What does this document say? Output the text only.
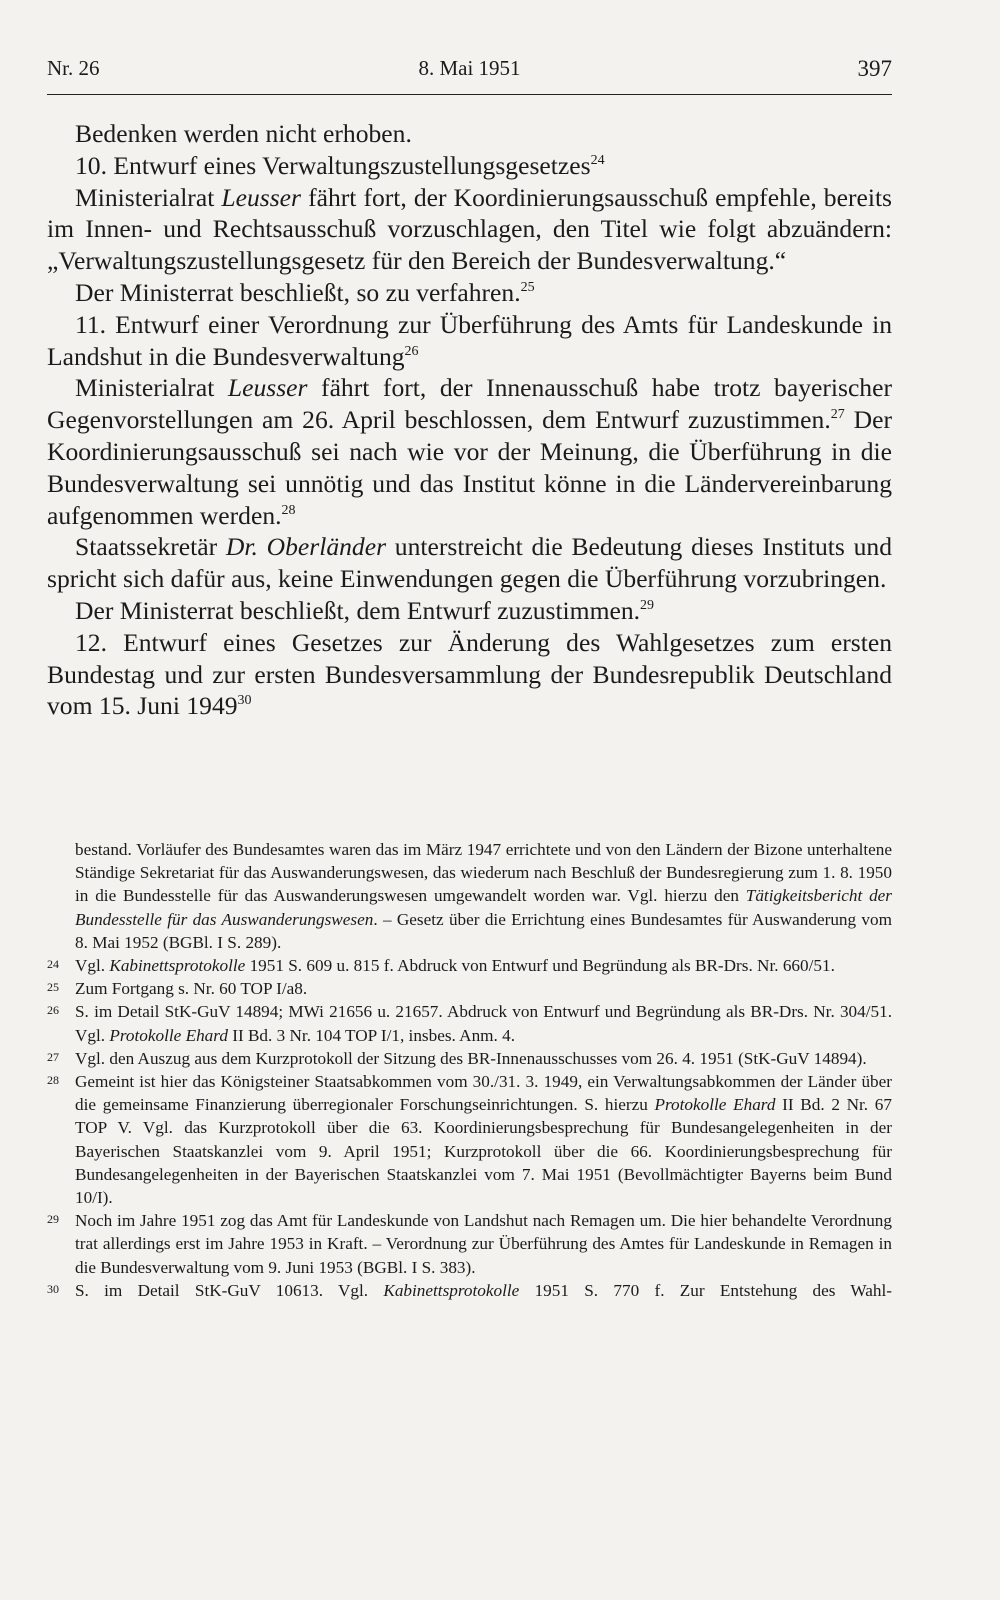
Nr. 26	8. Mai 1951	397

Bedenken werden nicht erhoben.

10. Entwurf eines Verwaltungszustellungsgesetzes$^{24}$

Ministerialrat Leusser fährt fort, der Koordinierungsausschuß empfehle, bereits im Innen- und Rechtsausschuß vorzuschlagen, den Titel wie folgt abzuändern: „Verwaltungszustellungsgesetz für den Bereich der Bundesverwaltung.“

Der Ministerrat beschließt, so zu verfahren.$^{25}$

11. Entwurf einer Verordnung zur Überführung des Amts für Landeskunde in Landshut in die Bundesverwaltung$^{26}$

Ministerialrat Leusser fährt fort, der Innenausschuß habe trotz bayerischer Gegenvorstellungen am 26. April beschlossen, dem Entwurf zuzustimmen.$^{27}$ Der Koordinierungsausschuß sei nach wie vor der Meinung, die Überführung in die Bundesverwaltung sei unnötig und das Institut könne in die Ländervereinbarung aufgenommen werden.$^{28}$

Staatssekretär Dr. Oberländer unterstreicht die Bedeutung dieses Instituts und spricht sich dafür aus, keine Einwendungen gegen die Überführung vorzubringen.

Der Ministerrat beschließt, dem Entwurf zuzustimmen.$^{29}$

12. Entwurf eines Gesetzes zur Änderung des Wahlgesetzes zum ersten Bundestag und zur ersten Bundesversammlung der Bundesrepublik Deutschland vom 15. Juni 1949$^{30}$

bestand. Vorläufer des Bundesamtes waren das im März 1947 errichtete und von den Ländern der Bizone unterhaltene Ständige Sekretariat für das Auswanderungswesen, das wiederum nach Beschluß der Bundesregierung zum 1. 8. 1950 in die Bundesstelle für das Auswanderungswesen umgewandelt worden war. Vgl. hierzu den Tätigkeitsbericht der Bundesstelle für das Auswanderungswesen. – Gesetz über die Errichtung eines Bundesamtes für Auswanderung vom 8. Mai 1952 (BGBl. I S. 289).

24 Vgl. Kabinettsprotokolle 1951 S. 609 u. 815 f. Abdruck von Entwurf und Begründung als BR-Drs. Nr. 660/51.
25 Zum Fortgang s. Nr. 60 TOP I/a8.
26 S. im Detail StK-GuV 14894; MWi 21656 u. 21657. Abdruck von Entwurf und Begründung als BR-Drs. Nr. 304/51. Vgl. Protokolle Ehard II Bd. 3 Nr. 104 TOP I/1, insbes. Anm. 4.
27 Vgl. den Auszug aus dem Kurzprotokoll der Sitzung des BR-Innenausschusses vom 26. 4. 1951 (StK-GuV 14894).
28 Gemeint ist hier das Königsteiner Staatsabkommen vom 30./31. 3. 1949, ein Verwaltungsabkommen der Länder über die gemeinsame Finanzierung überregionaler Forschungseinrichtungen. S. hierzu Protokolle Ehard II Bd. 2 Nr. 67 TOP V. Vgl. das Kurzprotokoll über die 63. Koordinierungsbesprechung für Bundesangelegenheiten in der Bayerischen Staatskanzlei vom 9. April 1951; Kurzprotokoll über die 66. Koordinierungsbesprechung für Bundesangelegenheiten in der Bayerischen Staatskanzlei vom 7. Mai 1951 (Bevollmächtigter Bayerns beim Bund 10/I).
29 Noch im Jahre 1951 zog das Amt für Landeskunde von Landshut nach Remagen um. Die hier behandelte Verordnung trat allerdings erst im Jahre 1953 in Kraft. – Verordnung zur Überführung des Amtes für Landeskunde in Remagen in die Bundesverwaltung vom 9. Juni 1953 (BGBl. I S. 383).
30 S. im Detail StK-GuV 10613. Vgl. Kabinettsprotokolle 1951 S. 770 f. Zur Entstehung des Wahl-
